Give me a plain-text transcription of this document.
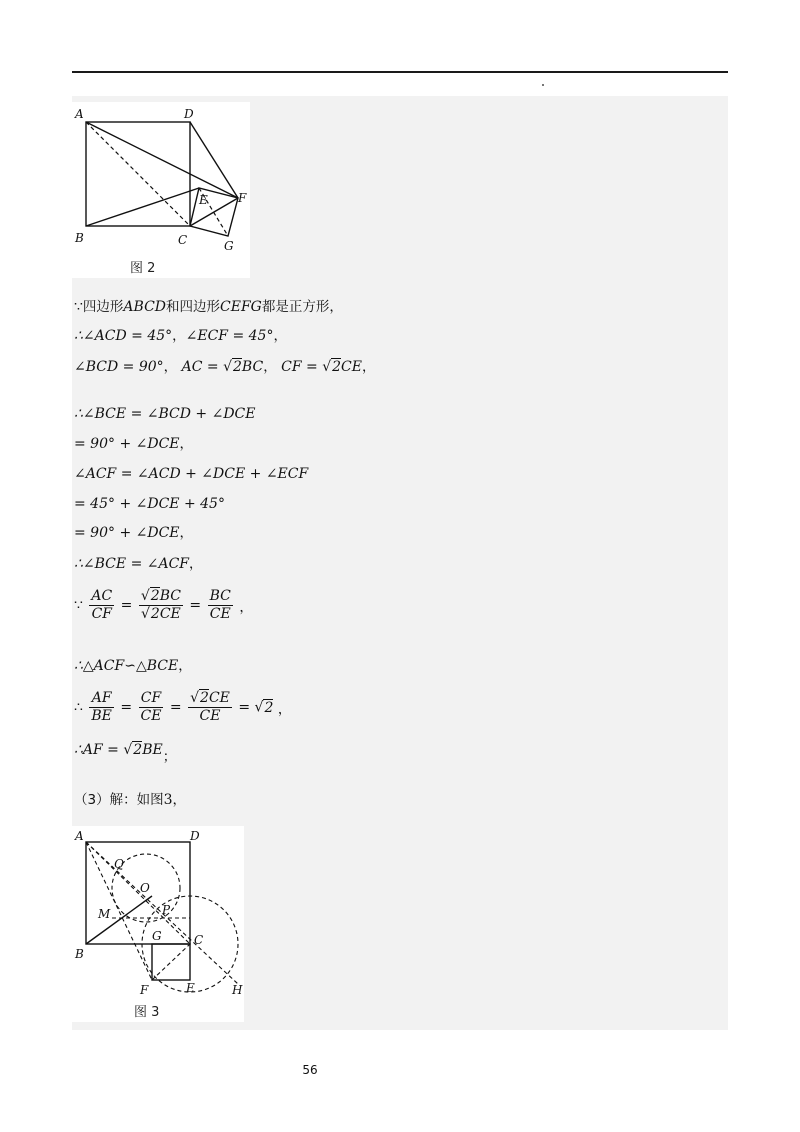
A	D
B	C
E	F
G
图 2
∵四边形ABCD和四边形CEFG都是正方形，
∴∠ACD = 45°，∠ECF = 45°，
∠BCD = 90°， AC = √2BC， CF = √2CE，
∴∠BCE = ∠BCD + ∠DCE
= 90° + ∠DCE，
∠ACF = ∠ACD + ∠DCE + ∠ECF
= 45° + ∠DCE + 45°
= 90° + ∠DCE，
∴∠BCE = ∠ACF，
∵ $\frac{AC}{CF} = \frac{√2BC}{√2CE} = \frac{BC}{CE}$ ，
∴△ACF∽△BCE，
∴ $\frac{AF}{BE} = \frac{CF}{CE} = \frac{√2CE}{CE} = √2$ ，
∴AF = √2BE；
（3）解：如图3，
A	D
Q
O
M	P
G	C
B
F	E	H
图 3
56
